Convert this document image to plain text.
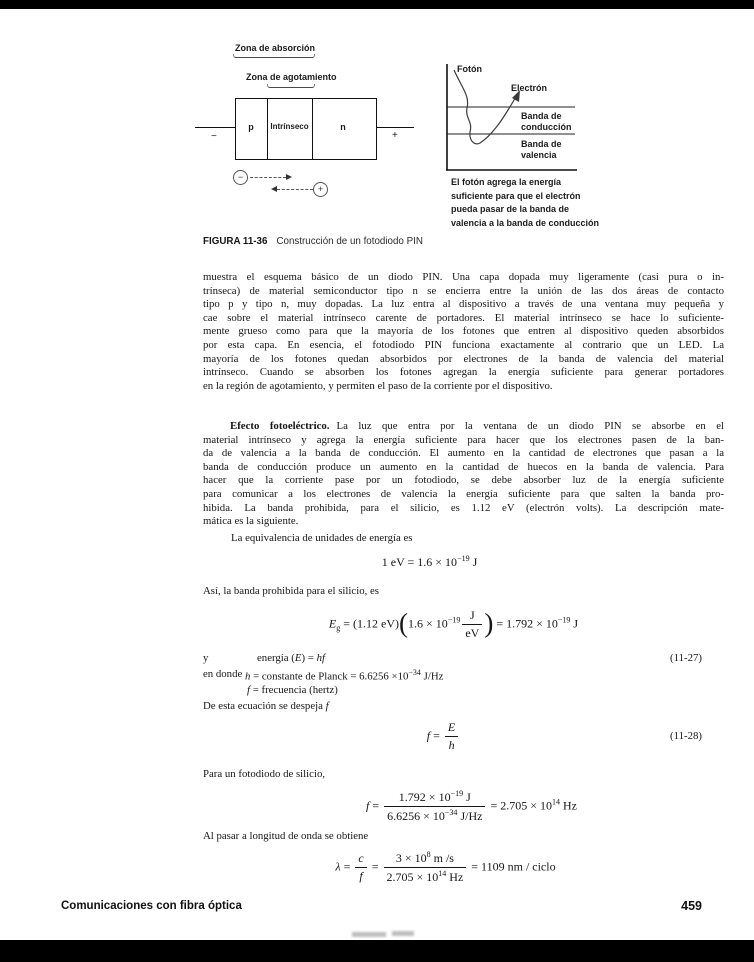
Zona de absorción
Zona de agotamiento
p	Intrínseco	n
−	+
−
+
Fotón
Electrón
Banda de
conducción
Banda de
valencia
El fotón agrega la energía
suficiente para que el electrón
pueda pasar de la banda de
valencia a la banda de conducción
FIGURA 11-36 Construcción de un fotodiodo PIN
muestra el esquema básico de un diodo PIN. Una capa dopada muy ligeramente (casi pura o in-
trínseca) de material semiconductor tipo n se encierra entre la unión de las dos áreas de contacto
tipo p y tipo n, muy dopadas. La luz entra al dispositivo a través de una ventana muy pequeña y
cae sobre el material intrínseco carente de portadores. El material intrínseco se hace lo suficiente-
mente grueso como para que la mayoría de los fotones que entren al dispositivo queden absorbidos
por esta capa. En esencia, el fotodiodo PIN funciona exactamente al contrario que un LED. La
mayoría de los fotones quedan absorbidos por electrones de la banda de valencia del material
intrínseco. Cuando se absorben los fotones agregan la energía suficiente para generar portadores
en la región de agotamiento, y permiten el paso de la corriente por el dispositivo.
Efecto fotoeléctrico. La luz que entra por la ventana de un diodo PIN se absorbe en el
material intrínseco y agrega la energía suficiente para hacer que los electrones pasen de la ban-
da de valencia a la banda de conducción. El aumento en la cantidad de electrones que pasan a la
banda de conducción produce un aumento en la cantidad de huecos en la banda de valencia. Para
hacer que la corriente pase por un fotodiodo, se debe absorber luz de la energía suficiente
para comunicar a los electrones de valencia la energía suficiente para que salten la banda pro-
hibida. La banda prohibida, para el silicio, es 1.12 eV (electrón volts). La descripción mate-
mática es la siguiente.
La equivalencia de unidades de energía es
1 eV = $1.6 \times 10^{-19}$ J
Así, la banda prohibida para el silicio, es
$E_g = (1.12$ $eV)(1.6 \times 10^{-19} \frac{J}{eV}$ ) = $1.792 \times 10^{-19}$ J
y	energía (E) = hf	(11-27)
en donde h = constante de Planck = $6.6256 \times 10^{-34}$ J/Hz
f = frecuencia (hertz)
De esta ecuación se despeja f
$f = \frac{E}{h}$	(11-28)
Para un fotodiodo de silicio,
$f = \frac{1.792 \times 10^{-19} J}{6.6256 \times 10^{-34} J/Hz} = 2.705 \times 10^{14}$ Hz
Al pasar a longitud de onda se obtiene
$\lambda = \frac{c}{f} = \frac{3 \times 10^8 m /s}{2.705 \times 10^{14} Hz} = 1109$ nm / ciclo
Comunicaciones con fibra óptica	459
